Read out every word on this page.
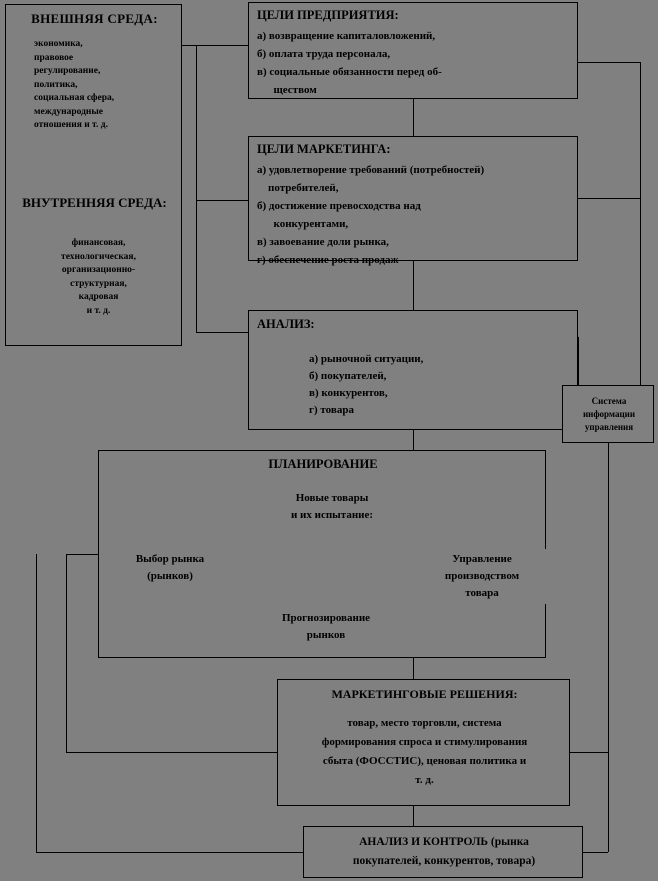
ВНЕШНЯЯ СРЕДА:
экономика,
правовое
регулирование,
политика,
социальная сфера,
международные
отношения и т. д.
ВНУТРЕННЯЯ СРЕДА:
финансовая,
технологическая,
организационно-
структурная,
кадровая
и т. д.
ЦЕЛИ ПРЕДПРИЯТИЯ:
а) возвращение капиталовложений,
б) оплата труда персонала,
в) социальные обязанности перед об-
ществом
ЦЕЛИ МАРКЕТИНГА:
а) удовлетворение требований (потребностей)
потребителей,
б) достижение превосходства над
конкурентами,
в) завоевание доли рынка,
г) обеспечение роста продаж
АНАЛИЗ:
а) рыночной ситуации,
б) покупателей,
в) конкурентов,
г) товара
Система
информации
управления
ПЛАНИРОВАНИЕ
Новые товары
и их испытание:
Выбор рынка
(рынков)
Управление
производством
товара
Прогнозирование
рынков
МАРКЕТИНГОВЫЕ РЕШЕНИЯ:
товар, место торговли, система
формирования спроса и стимулирования
сбыта (ФОССТИС), ценовая политика и
т. д.
АНАЛИЗ И КОНТРОЛЬ (рынка
покупателей, конкурентов, товара)
